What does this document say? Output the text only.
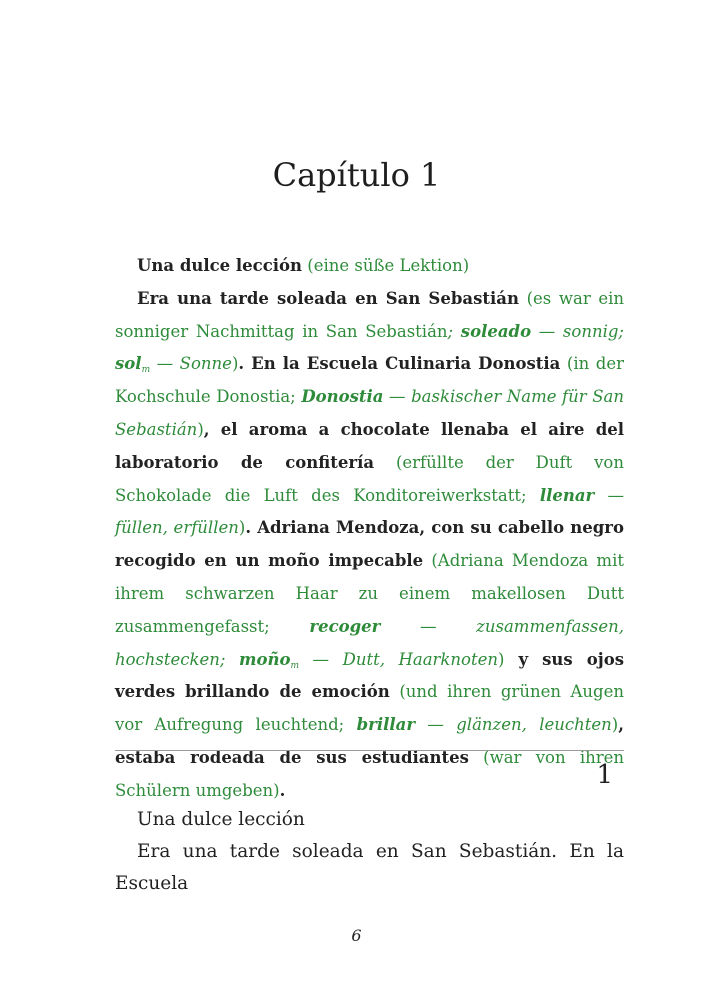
Capítulo 1

Una dulce lección (eine süße Lektion)

Era una tarde soleada en San Sebastián (es war ein sonniger Nachmittag in San Sebastián; soleado — sonnig; sol$_m$ — Sonne). En la Escuela Culinaria Donostia (in der Kochschule Donostia; Donostia — baskischer Name für San Sebastián), el aroma a chocolate llenaba el aire del laboratorio de confitería (erfüllte der Duft von Schokolade die Luft des Konditoreiwerkstatt; llenar — füllen, erfüllen). Adriana Mendoza, con su cabello negro recogido en un moño impecable (Adriana Mendoza mit ihrem schwarzen Haar zu einem makellosen Dutt zusammengefasst; recoger — zusammenfassen, hochstecken; moño$_m$ — Dutt, Haarknoten) y sus ojos verdes brillando de emoción (und ihren grünen Augen vor Aufregung leuchtend; brillar — glänzen, leuchten), estaba rodeada de sus estudiantes (war von ihren Schülern umgeben).

1

Una dulce lección

Era una tarde soleada en San Sebastián. En la Escuela

6
